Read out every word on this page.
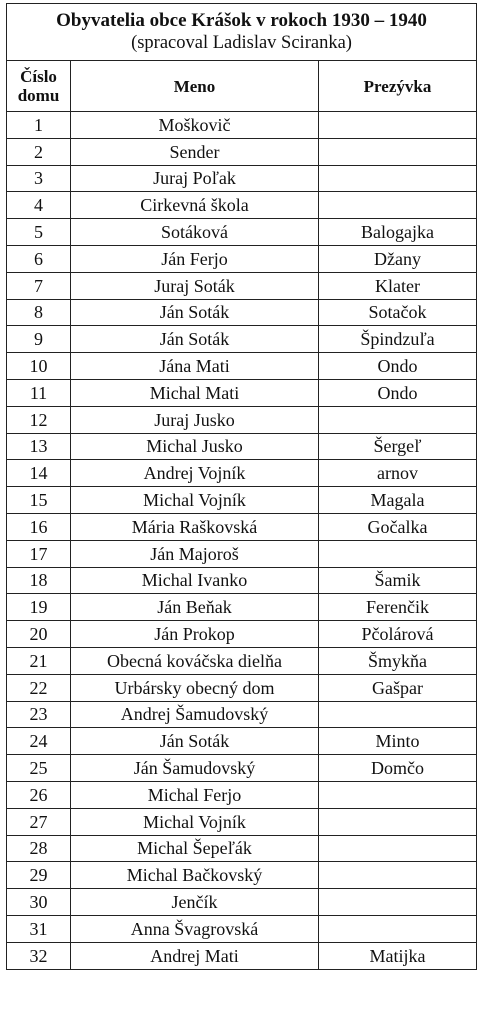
Obyvatelia obce Krášok v rokoch 1930 – 1940
(spracoval Ladislav Sciranka)		

Číslo
domu	Meno	Prezývka
1	Moškovič	
2	Sender	
3	Juraj Poľak	
4	Cirkevná škola	
5	Sotáková	Balogajka
6	Ján Ferjo	Džany
7	Juraj Soták	Klater
8	Ján Soták	Sotačok
9	Ján Soták	Špindzuľa
10	Jána Mati	Ondo
11	Michal Mati	Ondo
12	Juraj Jusko	
13	Michal Jusko	Šergeľ
14	Andrej Vojník	arnov
15	Michal Vojník	Magala
16	Mária Raškovská	Gočalka
17	Ján Majoroš	
18	Michal Ivanko	Šamik
19	Ján Beňak	Ferenčik
20	Ján Prokop	Pčolárová
21	Obecná kováčska dielňa	Šmykňa
22	Urbársky obecný dom	Gašpar
23	Andrej Šamudovský	
24	Ján Soták	Minto
25	Ján Šamudovský	Domčo
26	Michal Ferjo	
27	Michal Vojník	
28	Michal Šepeľák	
29	Michal Bačkovský	
30	Jenčík	
31	Anna Švagrovská	
32	Andrej Mati	Matijka
